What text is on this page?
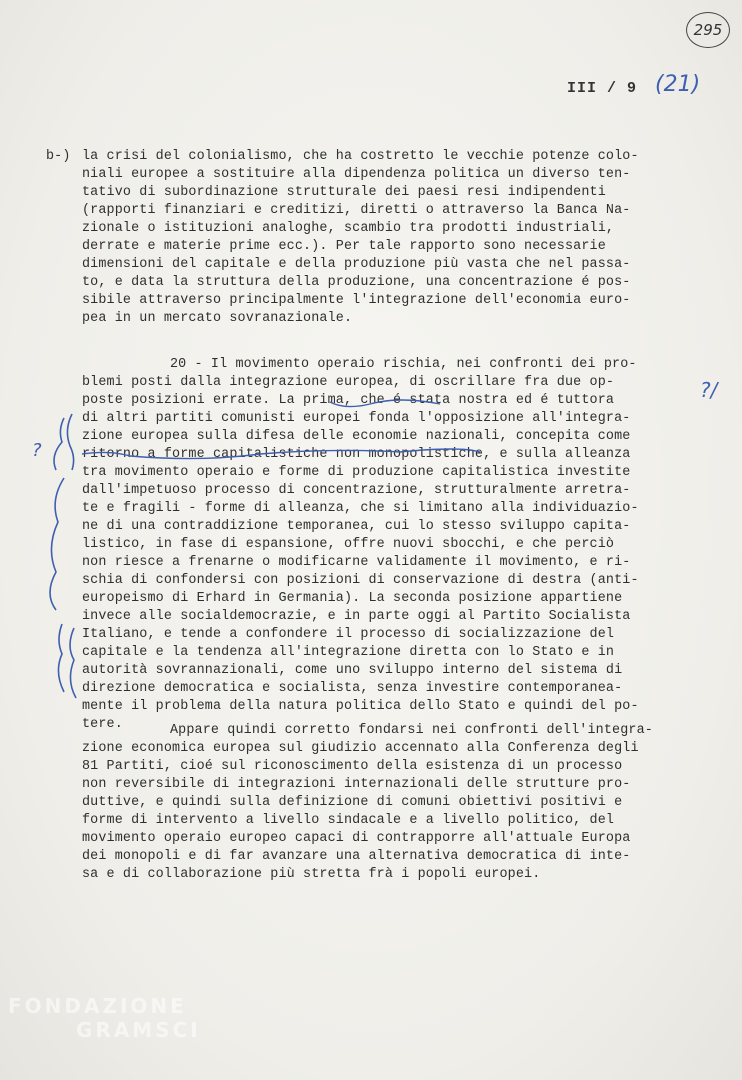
295
III / 9 (21)
b-) la crisi del colonialismo, che ha costretto le vecchie potenze colo-
niali europee a sostituire alla dipendenza politica un diverso ten-
tativo di subordinazione strutturale dei paesi resi indipendenti
(rapporti finanziari e creditizi, diretti o attraverso la Banca Na-
zionale o istituzioni analoghe, scambio tra prodotti industriali,
derrate e materie prime ecc.). Per tale rapporto sono necessarie
dimensioni del capitale e della produzione più vasta che nel passa-
to, e data la struttura della produzione, una concentrazione é pos-
sibile attraverso principalmente l'integrazione dell'economia euro-
pea in un mercato sovranazionale.
20 - Il movimento operaio rischia, nei confronti dei pro-
blemi posti dalla integrazione europea, di oscrillare fra due op-
poste posizioni errate. La prima, che é stata nostra ed é tuttora
di altri partiti comunisti europei fonda l'opposizione all'integra-
zione europea sulla difesa delle economie nazionali, concepita come
ritorno a forme capitalistiche non monopolistiche, e sulla alleanza
tra movimento operaio e forme di produzione capitalistica investite
dall'impetuoso processo di concentrazione, strutturalmente arretra-
te e fragili - forme di alleanza, che si limitano alla individuazio-
ne di una contraddizione temporanea, cui lo stesso sviluppo capita-
listico, in fase di espansione, offre nuovi sbocchi, e che perciò
non riesce a frenarne o modificarne validamente il movimento, e ri-
schia di confondersi con posizioni di conservazione di destra (anti-
europeismo di Erhard in Germania). La seconda posizione appartiene
invece alle socialdemocrazie, e in parte oggi al Partito Socialista
Italiano, e tende a confondere il processo di socializzazione del
capitale e la tendenza all'integrazione diretta con lo Stato e in
autorità sovrannazionali, come uno sviluppo interno del sistema di
direzione democratica e socialista, senza investire contemporanea-
mente il problema della natura politica dello Stato e quindi del po-
tere.	Appare quindi corretto fondarsi nei confronti dell'integra-
zione economica europea sul giudizio accennato alla Conferenza degli
81 Partiti, cioé sul riconoscimento della esistenza di un processo
non reversibile di integrazioni internazionali delle strutture pro-
duttive, e quindi sulla definizione di comuni obiettivi positivi e
forme di intervento a livello sindacale e a livello politico, del
movimento operaio europeo capaci di contrapporre all'attuale Europa
dei monopoli e di far avanzare una alternativa democratica di inte-
sa e di collaborazione più stretta frà i popoli europei.
?/
?
FONDAZIONE
GRAMSCI
